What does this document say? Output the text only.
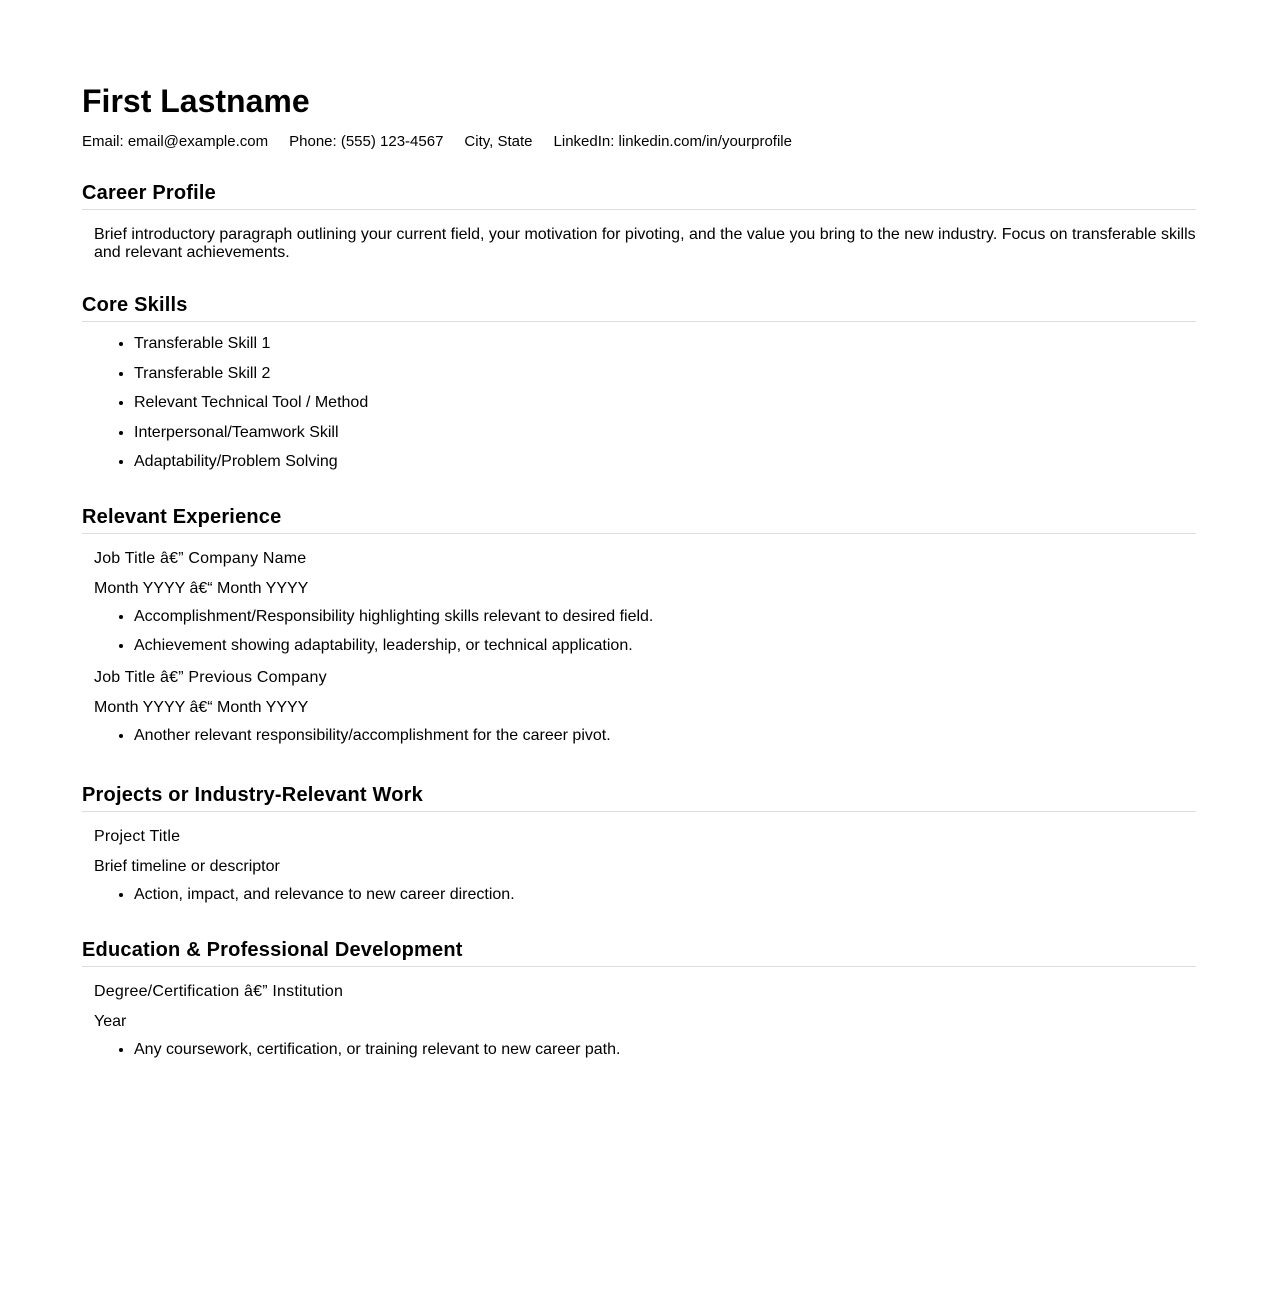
First Lastname
Email: email@example.com Phone: (555) 123-4567 City, State LinkedIn: linkedin.com/in/yourprofile
Career Profile
Brief introductory paragraph outlining your current field, your motivation for pivoting, and the value you bring to the new industry. Focus on transferable skills and relevant achievements.
Core Skills
• Transferable Skill 1
• Transferable Skill 2
• Relevant Technical Tool / Method
• Interpersonal/Teamwork Skill
• Adaptability/Problem Solving
Relevant Experience
Job Title â€” Company Name
Month YYYY â€“ Month YYYY
• Accomplishment/Responsibility highlighting skills relevant to desired field.
• Achievement showing adaptability, leadership, or technical application.
Job Title â€” Previous Company
Month YYYY â€“ Month YYYY
• Another relevant responsibility/accomplishment for the career pivot.
Projects or Industry-Relevant Work
Project Title
Brief timeline or descriptor
• Action, impact, and relevance to new career direction.
Education & Professional Development
Degree/Certification â€” Institution
Year
• Any coursework, certification, or training relevant to new career path.
